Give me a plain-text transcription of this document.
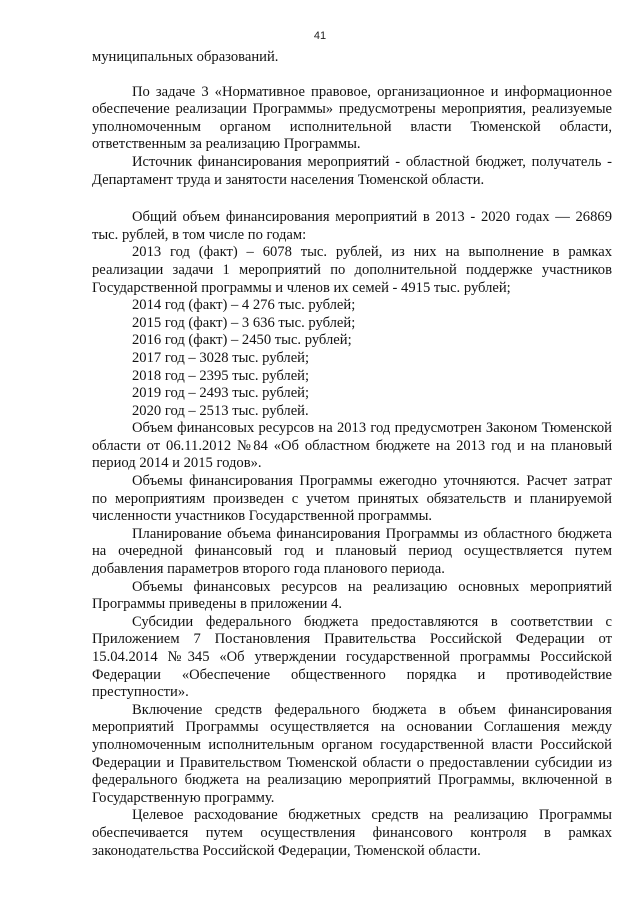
41

муниципальных образований.

По задаче 3 «Нормативное правовое, организационное и информационное обеспечение реализации Программы» предусмотрены мероприятия, реализуемые уполномоченным органом исполнительной власти Тюменской области, ответственным за реализацию Программы.

Источник финансирования мероприятий - областной бюджет, получатель - Департамент труда и занятости населения Тюменской области.

Общий объем финансирования мероприятий в 2013 - 2020 годах — 26869 тыс. рублей, в том числе по годам:

2013 год (факт) – 6078 тыс. рублей, из них на выполнение в рамках реализации задачи 1 мероприятий по дополнительной поддержке участников Государственной программы и членов их семей - 4915 тыс. рублей;

2014 год (факт) – 4 276 тыс. рублей;

2015 год (факт) – 3 636 тыс. рублей;

2016 год (факт) – 2450 тыс. рублей;

2017 год – 3028 тыс. рублей;

2018 год – 2395 тыс. рублей;

2019 год – 2493 тыс. рублей;

2020 год – 2513 тыс. рублей.

Объем финансовых ресурсов на 2013 год предусмотрен Законом Тюменской области от 06.11.2012 №84 «Об областном бюджете на 2013 год и на плановый период 2014 и 2015 годов».

Объемы финансирования Программы ежегодно уточняются. Расчет затрат по мероприятиям произведен с учетом принятых обязательств и планируемой численности участников Государственной программы.

Планирование объема финансирования Программы из областного бюджета на очередной финансовый год и плановый период осуществляется путем добавления параметров второго года планового периода.

Объемы финансовых ресурсов на реализацию основных мероприятий Программы приведены в приложении 4.

Субсидии федерального бюджета предоставляются в соответствии с Приложением 7 Постановления Правительства Российской Федерации от 15.04.2014 №345 «Об утверждении государственной программы Российской Федерации «Обеспечение общественного порядка и противодействие преступности».

Включение средств федерального бюджета в объем финансирования мероприятий Программы осуществляется на основании Соглашения между уполномоченным исполнительным органом государственной власти Российской Федерации и Правительством Тюменской области о предоставлении субсидии из федерального бюджета на реализацию мероприятий Программы, включенной в Государственную программу.

Целевое расходование бюджетных средств на реализацию Программы обеспечивается путем осуществления финансового контроля в рамках законодательства Российской Федерации, Тюменской области.
